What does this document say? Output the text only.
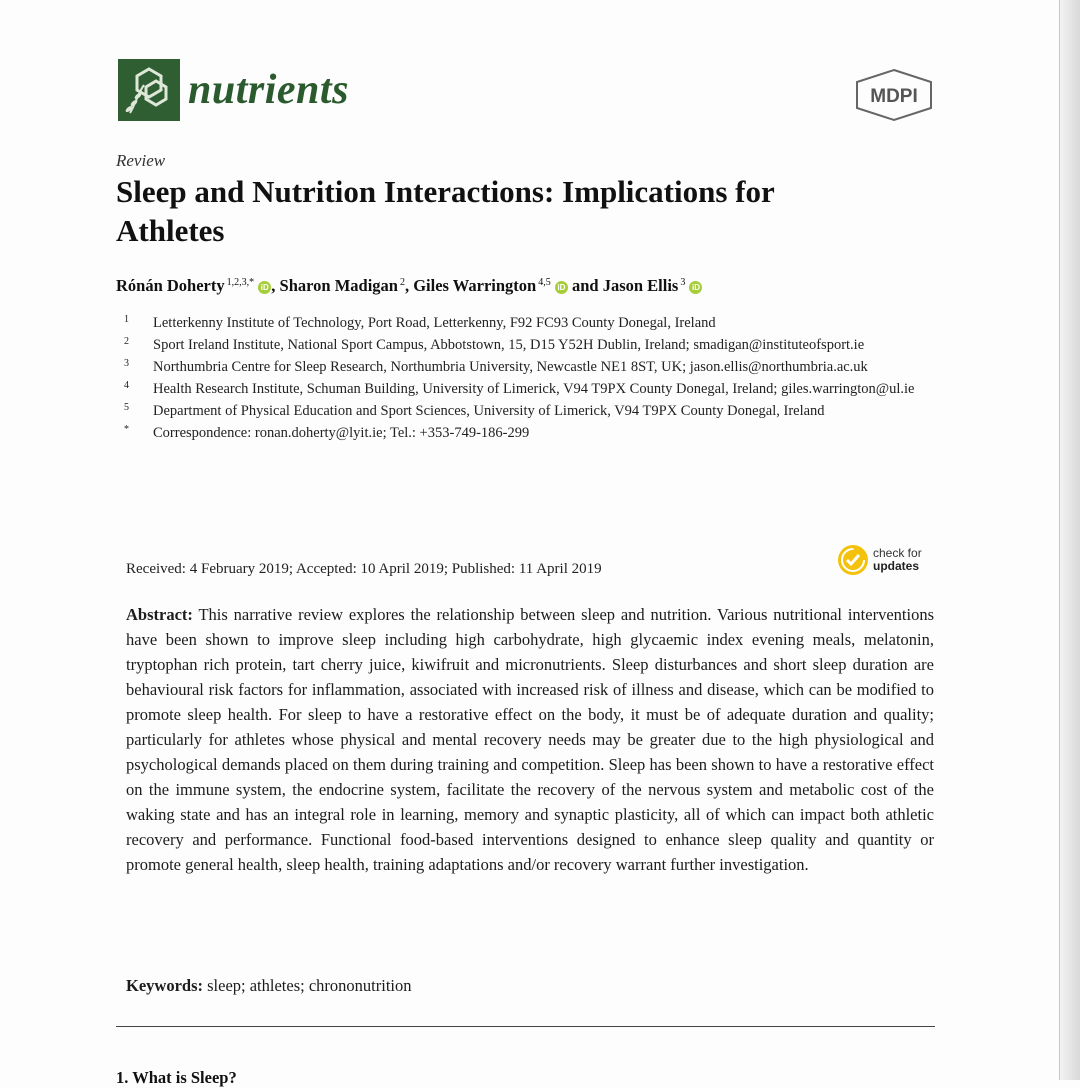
nutrients	MDPI
Review
Sleep and Nutrition Interactions: Implications for Athletes
Rónán Doherty $^{1,2,3,*}$ iD , Sharon Madigan $^2$, Giles Warrington $^{4,5}$ iD and Jason Ellis $^3$ iD
1	Letterkenny Institute of Technology, Port Road, Letterkenny, F92 FC93 County Donegal, Ireland
2	Sport Ireland Institute, National Sport Campus, Abbotstown, 15, D15 Y52H Dublin, Ireland; smadigan@instituteofsport.ie
3	Northumbria Centre for Sleep Research, Northumbria University, Newcastle NE1 8ST, UK; jason.ellis@northumbria.ac.uk
4	Health Research Institute, Schuman Building, University of Limerick, V94 T9PX County Donegal, Ireland; giles.warrington@ul.ie
5	Department of Physical Education and Sport Sciences, University of Limerick, V94 T9PX County Donegal, Ireland
*	Correspondence: ronan.doherty@lyit.ie; Tel.: +353-749-186-299
Received: 4 February 2019; Accepted: 10 April 2019; Published: 11 April 2019
check for
updates
Abstract: This narrative review explores the relationship between sleep and nutrition. Various nutritional interventions have been shown to improve sleep including high carbohydrate, high glycaemic index evening meals, melatonin, tryptophan rich protein, tart cherry juice, kiwifruit and micronutrients. Sleep disturbances and short sleep duration are behavioural risk factors for inflammation, associated with increased risk of illness and disease, which can be modified to promote sleep health. For sleep to have a restorative effect on the body, it must be of adequate duration and quality; particularly for athletes whose physical and mental recovery needs may be greater due to the high physiological and psychological demands placed on them during training and competition. Sleep has been shown to have a restorative effect on the immune system, the endocrine system, facilitate the recovery of the nervous system and metabolic cost of the waking state and has an integral role in learning, memory and synaptic plasticity, all of which can impact both athletic recovery and performance. Functional food-based interventions designed to enhance sleep quality and quantity or promote general health, sleep health, training adaptations and/or recovery warrant further investigation.
Keywords: sleep; athletes; chrononutrition
1. What is Sleep?
